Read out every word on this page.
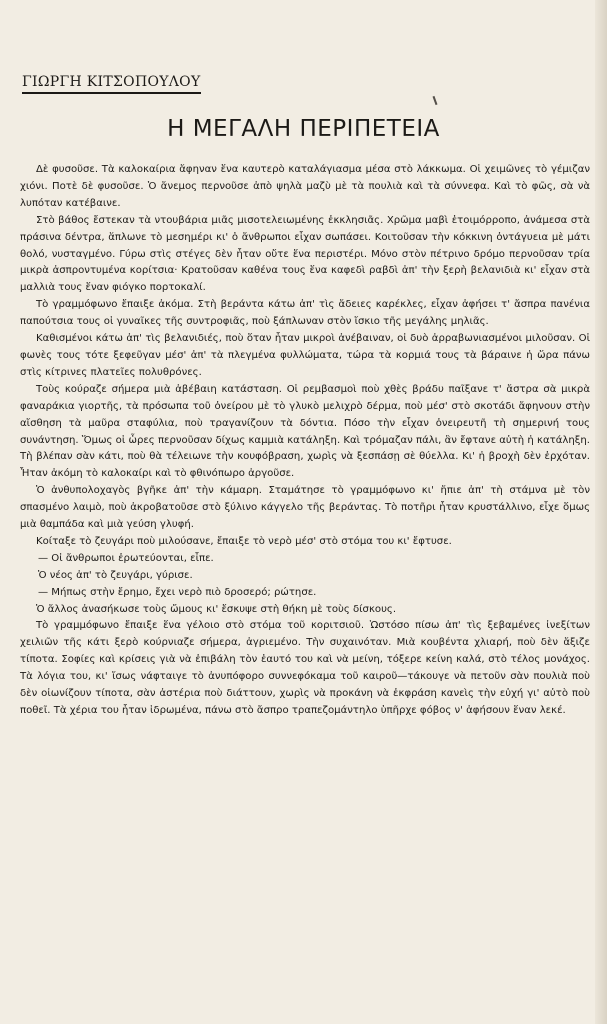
ΓΙΩΡΓΗ ΚΙΤΣΟΠΟΥΛΟΥ
Η ΜΕΓΑΛΗ ΠΕΡΙΠΕΤΕΙΑ

Δὲ φυσοῦσε. Τὰ καλοκαίρια ἄφηναν ἕνα καυτερὸ καταλάγιασμα μέσα στὸ λάκκωμα. Οἱ χειμῶνες τὸ γέμιζαν χιόνι. Ποτὲ δὲ φυσοῦσε. Ὁ ἄνεμος περνοῦσε ἀπὸ ψηλὰ μαζὺ μὲ τὰ πουλιὰ καὶ τὰ σύννεφα. Καὶ τὸ φῶς, σὰ νὰ λυπόταν κατέβαινε.

Στὸ βάθος ἔστεκαν τὰ ντουβάρια μιᾶς μισοτελειωμένης ἐκκλησιᾶς. Χρῶμα μαβὶ ἑτοιμόρροπο, ἀνάμεσα στὰ πράσινα δέντρα, ἅπλωνε τὸ μεσημέρι κι' ὁ ἄνθρωποι εἶχαν σωπάσει. Κοιτοῦσαν τὴν κόκκινη ὀντάγυεια μὲ μάτι θολό, νυσταγμένο. Γύρω στὶς στέγες δὲν ἦταν οὔτε ἕνα περιστέρι. Μόνο στὸν πέτρινο δρόμο περνοῦσαν τρία μικρὰ ἀσπροντυμένα κορίτσια· Κρατοῦσαν καθένα τους ἕνα καφεδὶ ραβδὶ ἀπ' τὴν ξερὴ βελανιδιὰ κι' εἶχαν στὰ μαλλιὰ τους ἕναν φιόγκο πορτοκαλί.

Τὸ γραμμόφωνο ἔπαιξε ἀκόμα. Στὴ βεράντα κάτω ἀπ' τὶς ἄδειες καρέκλες, εἶχαν ἀφήσει τ' ἄσπρα πανένια παπούτσια τους οἱ γυναῖκες τῆς συντροφιᾶς, ποὺ ξάπλωναν στὸν ἴσκιο τῆς μεγάλης μηλιᾶς.

Καθισμένοι κάτω ἀπ' τὶς βελανιδιές, ποὺ ὅταν ἦταν μικροὶ ἀνέβαιναν, οἱ δυὸ ἀρραβωνιασμένοι μιλοῦσαν. Οἱ φωνὲς τους τότε ξεφεῦγαν μέσ' ἀπ' τὰ πλεγμένα φυλλώματα, τώρα τὰ κορμιά τους τὰ βάραινε ἡ ὥρα πάνω στὶς κίτρινες πλατεῖες πολυθρόνες.

Τοὺς κούραζε σήμερα μιὰ ἀβέβαιη κατάσταση. Οἱ ρεμβασμοὶ ποὺ χθὲς βράδυ παῖξανε τ' ἄστρα σὰ μικρὰ φαναράκια γιορτῆς, τὰ πρόσωπα τοῦ ὀνείρου μὲ τὸ γλυκὸ μελιχρὸ δέρμα, ποὺ μέσ' στὸ σκοτάδι ἄφηνουν στὴν αἴσθηση τὰ μαῦρα σταφύλια, ποὺ τραγανίζουν τὰ δόντια. Πόσο τὴν εἶχαν ὀνειρευτῆ τὴ σημερινή τους συνάντηση. Ὅμως οἱ ὧρες περνοῦσαν δίχως καμμιὰ κατάληξη. Καὶ τρόμαζαν πάλι, ἂν ἔφτανε αὐτὴ ἡ κατάληξη. Τὴ βλέπαν σὰν κάτι, ποὺ θὰ τέλειωνε τὴν κουφόβραση, χωρὶς νὰ ξεσπάσῃ σὲ θύελλα. Κι' ἡ βροχὴ δὲν ἐρχόταν. Ἦταν ἀκόμη τὸ καλοκαίρι καὶ τὸ φθινόπωρο ἀργοῦσε.

Ὁ ἀνθυπολοχαγὸς βγῆκε ἀπ' τὴν κάμαρη. Σταμάτησε τὸ γραμμόφωνο κι' ἤπιε ἀπ' τὴ στάμνα μὲ τὸν σπασμένο λαιμὸ, ποὺ ἀκροβατοῦσε στὸ ξύλινο κάγγελο τῆς βεράντας. Τὸ ποτῆρι ἦταν κρυστάλλινο, εἶχε ὅμως μιὰ θαμπάδα καὶ μιὰ γεύση γλυφή.

Κοίταξε τὸ ζευγάρι ποὺ μιλούσανε, ἔπαιξε τὸ νερὸ μέσ' στὸ στόμα του κι' ἔφτυσε.

— Οἱ ἄνθρωποι ἐρωτεύονται, εἶπε.

Ὁ νέος ἀπ' τὸ ζευγάρι, γύρισε.

— Μήπως στὴν ἔρημο, ἔχει νερὸ πιὸ δροσερό; ρώτησε.

Ὁ ἄλλος ἀνασήκωσε τοὺς ὤμους κι' ἔσκυψε στὴ θήκη μὲ τοὺς δίσκους.

Τὸ γραμμόφωνο ἔπαιξε ἕνα γέλοιο στὸ στόμα τοῦ κοριτσιοῦ. Ὡστόσο πίσω ἀπ' τὶς ξεβαμένες ἰνεξίτων χειλιῶν τῆς κάτι ξερὸ κούρνιαζε σήμερα, ἀγριεμένο. Τὴν συχαινόταν. Μιὰ κουβέντα χλιαρή, ποὺ δὲν ἄξιζε τίποτα. Σοφίες καὶ κρίσεις γιὰ νὰ ἐπιβάλη τὸν ἑαυτό του καὶ νὰ μείνη, τόξερε κείνη καλά, στὸ τέλος μονάχος. Τὰ λόγια του, κι' ἴσως νάφταιγε τὸ ἀνυπόφορο συννεφόκαμα τοῦ καιροῦ—τάκουγε νὰ πετοῦν σὰν πουλιὰ ποὺ δὲν οἰωνίζουν τίποτα, σὰν ἀστέρια ποὺ διάττουν, χωρὶς νὰ προκάνη νὰ ἐκφράση κανεὶς τὴν εὐχή γι' αὐτὸ ποὺ ποθεῖ. Τὰ χέρια του ἦταν ἱδρωμένα, πάνω στὸ ἄσπρο τραπεζομάντηλο ὑπῆρχε φόβος ν' ἀφήσουν ἕναν λεκέ.
